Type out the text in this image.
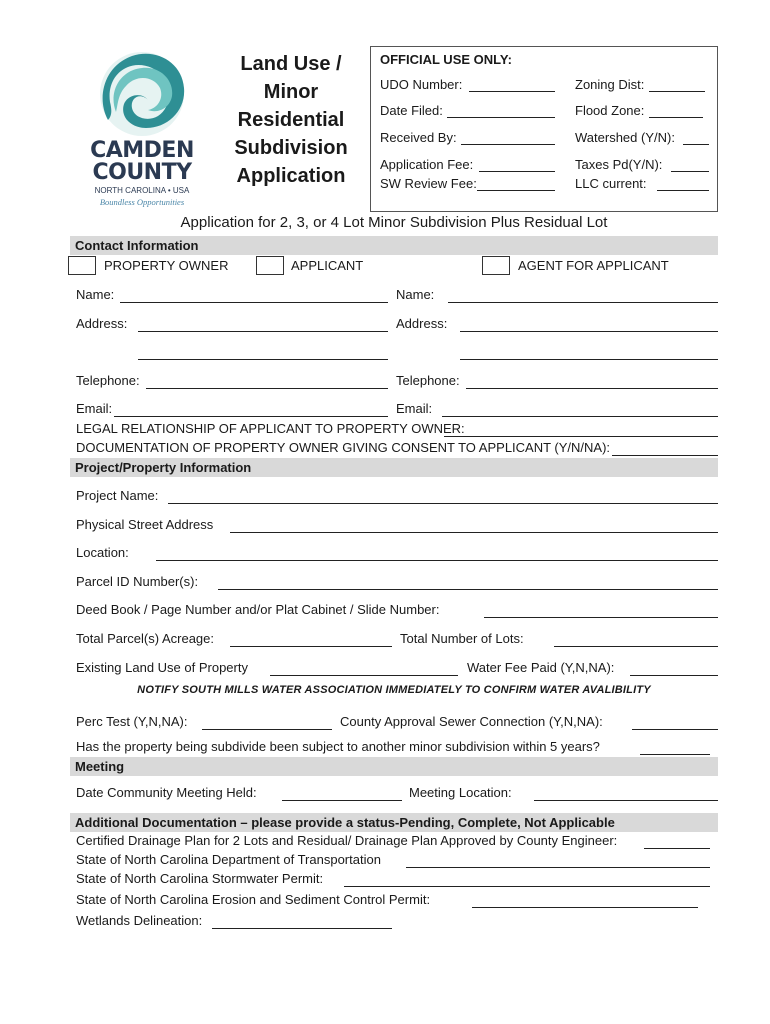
CAMDEN
COUNTY
NORTH CAROLINA • USA
Boundless Opportunities
Land Use /
Minor
Residential
Subdivision
Application
OFFICIAL USE ONLY:
UDO Number:	Zoning Dist:
Date Filed:	Flood Zone:
Received By:	Watershed (Y/N):
Application Fee:	Taxes Pd(Y/N):
SW Review Fee:	LLC current:
Application for 2, 3, or 4 Lot Minor Subdivision Plus Residual Lot
Contact Information
PROPERTY OWNER	APPLICANT	AGENT FOR APPLICANT
Name:	Name:
Address:	Address:
Telephone:	Telephone:
Email:	Email:
LEGAL RELATIONSHIP OF APPLICANT TO PROPERTY OWNER:
DOCUMENTATION OF PROPERTY OWNER GIVING CONSENT TO APPLICANT (Y/N/NA):
Project/Property Information
Project Name:
Physical Street Address
Location:
Parcel ID Number(s):
Deed Book / Page Number and/or Plat Cabinet / Slide Number:
Total Parcel(s) Acreage:	Total Number of Lots:
Existing Land Use of Property	Water Fee Paid (Y,N,NA):
NOTIFY SOUTH MILLS WATER ASSOCIATION IMMEDIATELY TO CONFIRM WATER AVALIBILITY
Perc Test (Y,N,NA):	County Approval Sewer Connection (Y,N,NA):
Has the property being subdivide been subject to another minor subdivision within 5 years?
Meeting
Date Community Meeting Held:	Meeting Location:
Additional Documentation – please provide a status-Pending, Complete, Not Applicable
Certified Drainage Plan for 2 Lots and Residual/ Drainage Plan Approved by County Engineer:
State of North Carolina Department of Transportation
State of North Carolina Stormwater Permit:
State of North Carolina Erosion and Sediment Control Permit:
Wetlands Delineation:
